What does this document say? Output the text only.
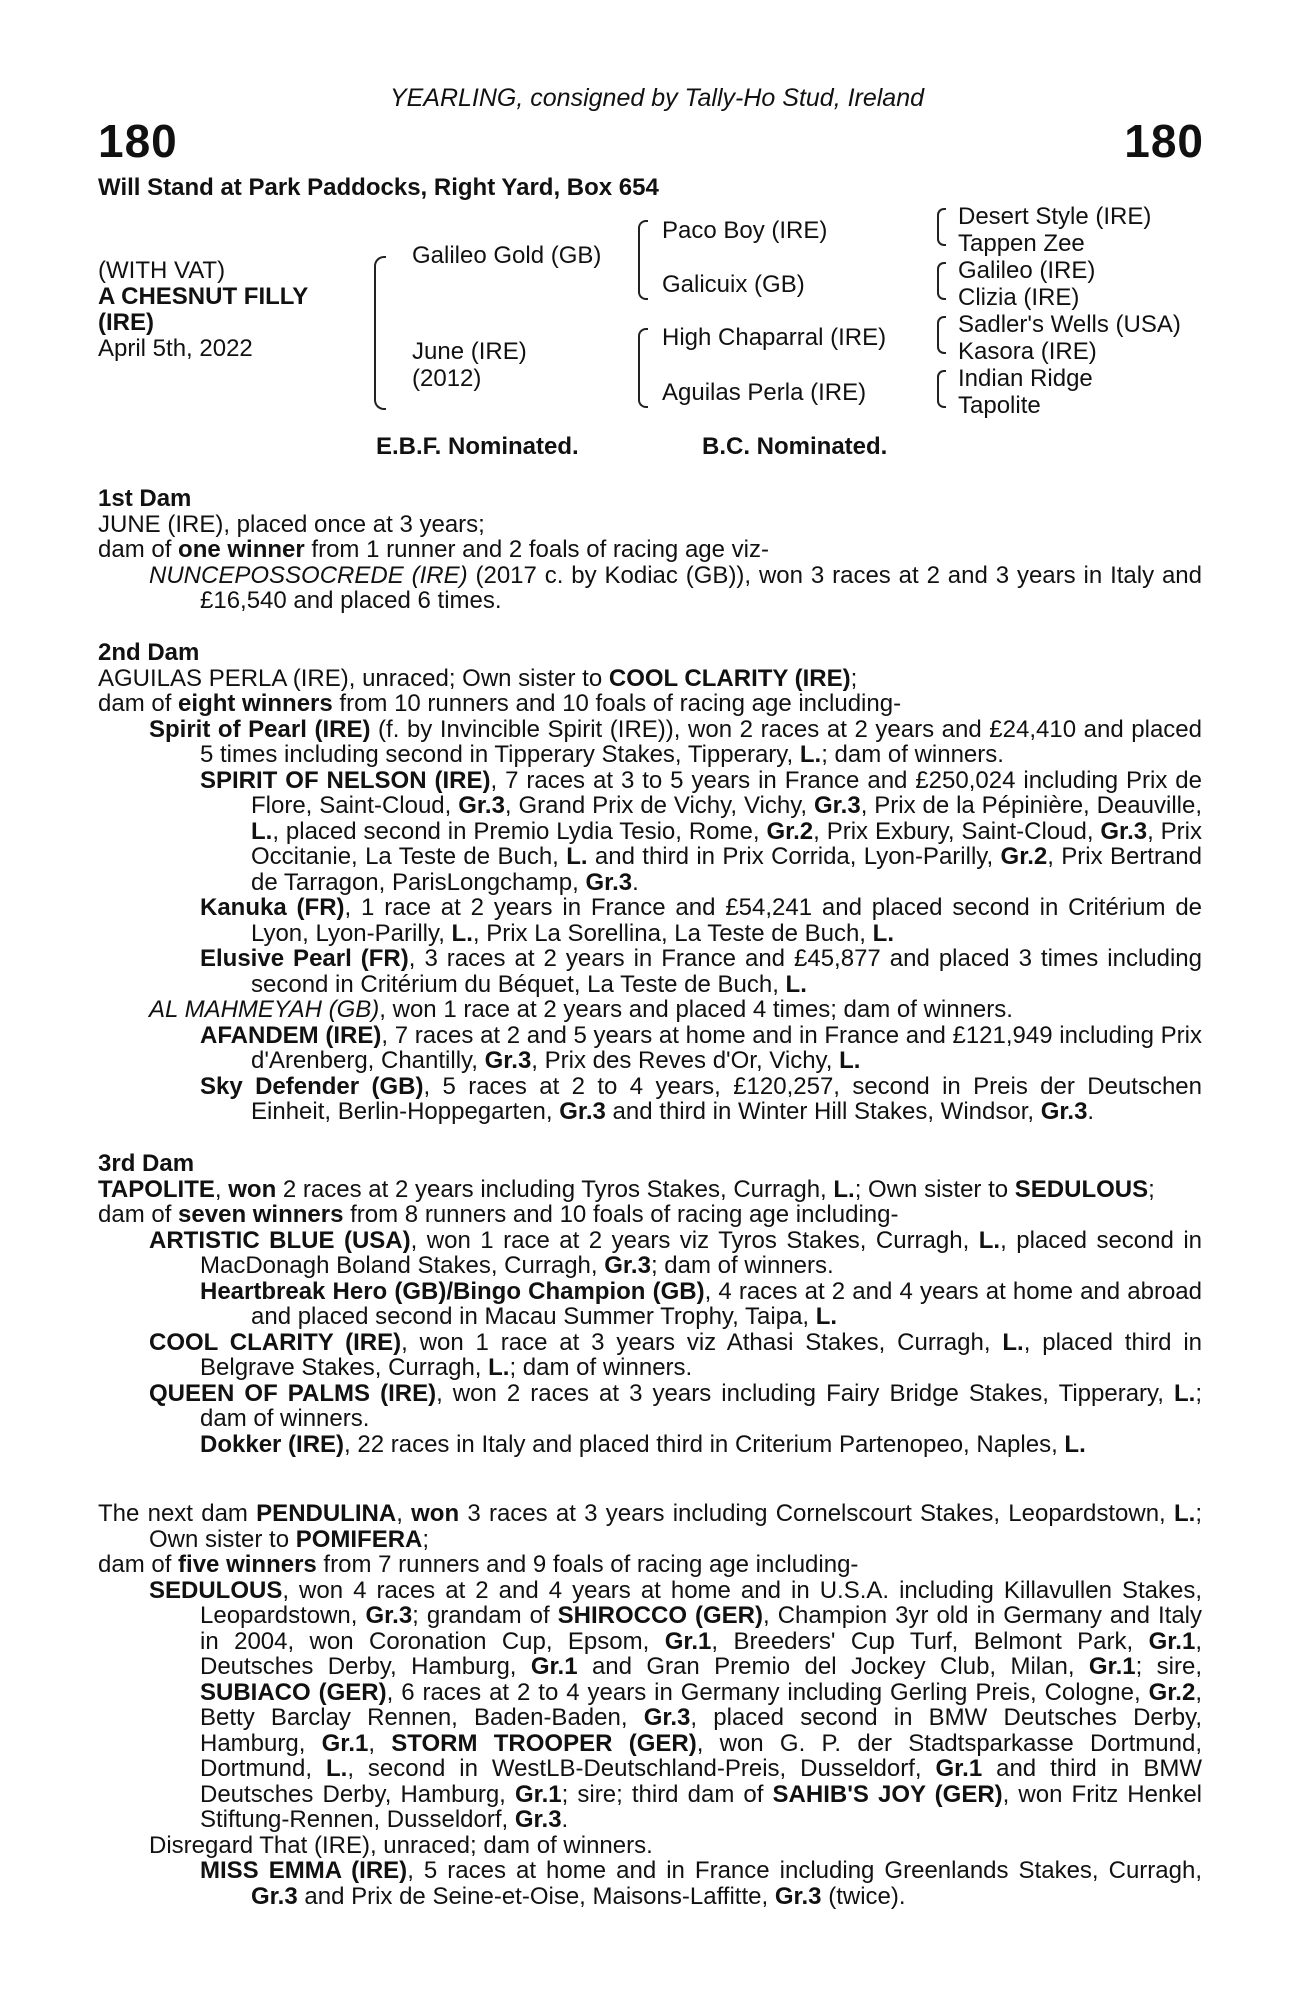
YEARLING, consigned by Tally-Ho Stud, Ireland
180	180
Will Stand at Park Paddocks, Right Yard, Box 654
(WITH VAT)
A CHESNUT FILLY
(IRE)
April 5th, 2022
Galileo Gold (GB)
June (IRE)
(2012)
Paco Boy (IRE)
Galicuix (GB)
High Chaparral (IRE)
Aguilas Perla (IRE)
Desert Style (IRE)
Tappen Zee
Galileo (IRE)
Clizia (IRE)
Sadler's Wells (USA)
Kasora (IRE)
Indian Ridge
Tapolite
E.B.F. Nominated.	B.C. Nominated.

1st Dam

JUNE (IRE), placed once at 3 years;

dam of one winner from 1 runner and 2 foals of racing age viz-

NUNCEPOSSOCREDE (IRE) (2017 c. by Kodiac (GB)), won 3 races at 2 and 3 years in Italy and £16,540 and placed 6 times.

2nd Dam

AGUILAS PERLA (IRE), unraced; Own sister to COOL CLARITY (IRE);

dam of eight winners from 10 runners and 10 foals of racing age including-

Spirit of Pearl (IRE) (f. by Invincible Spirit (IRE)), won 2 races at 2 years and £24,410 and placed 5 times including second in Tipperary Stakes, Tipperary, L.; dam of winners.

SPIRIT OF NELSON (IRE), 7 races at 3 to 5 years in France and £250,024 including Prix de Flore, Saint-Cloud, Gr.3, Grand Prix de Vichy, Vichy, Gr.3, Prix de la Pépinière, Deauville, L., placed second in Premio Lydia Tesio, Rome, Gr.2, Prix Exbury, Saint-Cloud, Gr.3, Prix Occitanie, La Teste de Buch, L. and third in Prix Corrida, Lyon-Parilly, Gr.2, Prix Bertrand de Tarragon, ParisLongchamp, Gr.3.

Kanuka (FR), 1 race at 2 years in France and £54,241 and placed second in Critérium de Lyon, Lyon-Parilly, L., Prix La Sorellina, La Teste de Buch, L.

Elusive Pearl (FR), 3 races at 2 years in France and £45,877 and placed 3 times including second in Critérium du Béquet, La Teste de Buch, L.

AL MAHMEYAH (GB), won 1 race at 2 years and placed 4 times; dam of winners.

AFANDEM (IRE), 7 races at 2 and 5 years at home and in France and £121,949 including Prix d'Arenberg, Chantilly, Gr.3, Prix des Reves d'Or, Vichy, L.

Sky Defender (GB), 5 races at 2 to 4 years, £120,257, second in Preis der Deutschen Einheit, Berlin-Hoppegarten, Gr.3 and third in Winter Hill Stakes, Windsor, Gr.3.

3rd Dam

TAPOLITE, won 2 races at 2 years including Tyros Stakes, Curragh, L.; Own sister to SEDULOUS;

dam of seven winners from 8 runners and 10 foals of racing age including-

ARTISTIC BLUE (USA), won 1 race at 2 years viz Tyros Stakes, Curragh, L., placed second in MacDonagh Boland Stakes, Curragh, Gr.3; dam of winners.

Heartbreak Hero (GB)/Bingo Champion (GB), 4 races at 2 and 4 years at home and abroad and placed second in Macau Summer Trophy, Taipa, L.

COOL CLARITY (IRE), won 1 race at 3 years viz Athasi Stakes, Curragh, L., placed third in Belgrave Stakes, Curragh, L.; dam of winners.

QUEEN OF PALMS (IRE), won 2 races at 3 years including Fairy Bridge Stakes, Tipperary, L.; dam of winners.

Dokker (IRE), 22 races in Italy and placed third in Criterium Partenopeo, Naples, L.

The next dam PENDULINA, won 3 races at 3 years including Cornelscourt Stakes, Leopardstown, L.; Own sister to POMIFERA;

dam of five winners from 7 runners and 9 foals of racing age including-

SEDULOUS, won 4 races at 2 and 4 years at home and in U.S.A. including Killavullen Stakes, Leopardstown, Gr.3; grandam of SHIROCCO (GER), Champion 3yr old in Germany and Italy in 2004, won Coronation Cup, Epsom, Gr.1, Breeders' Cup Turf, Belmont Park, Gr.1, Deutsches Derby, Hamburg, Gr.1 and Gran Premio del Jockey Club, Milan, Gr.1; sire, SUBIACO (GER), 6 races at 2 to 4 years in Germany including Gerling Preis, Cologne, Gr.2, Betty Barclay Rennen, Baden-Baden, Gr.3, placed second in BMW Deutsches Derby, Hamburg, Gr.1, STORM TROOPER (GER), won G. P. der Stadtsparkasse Dortmund, Dortmund, L., second in WestLB-Deutschland-Preis, Dusseldorf, Gr.1 and third in BMW Deutsches Derby, Hamburg, Gr.1; sire; third dam of SAHIB'S JOY (GER), won Fritz Henkel Stiftung-Rennen, Dusseldorf, Gr.3.

Disregard That (IRE), unraced; dam of winners.

MISS EMMA (IRE), 5 races at home and in France including Greenlands Stakes, Curragh, Gr.3 and Prix de Seine-et-Oise, Maisons-Laffitte, Gr.3 (twice).
